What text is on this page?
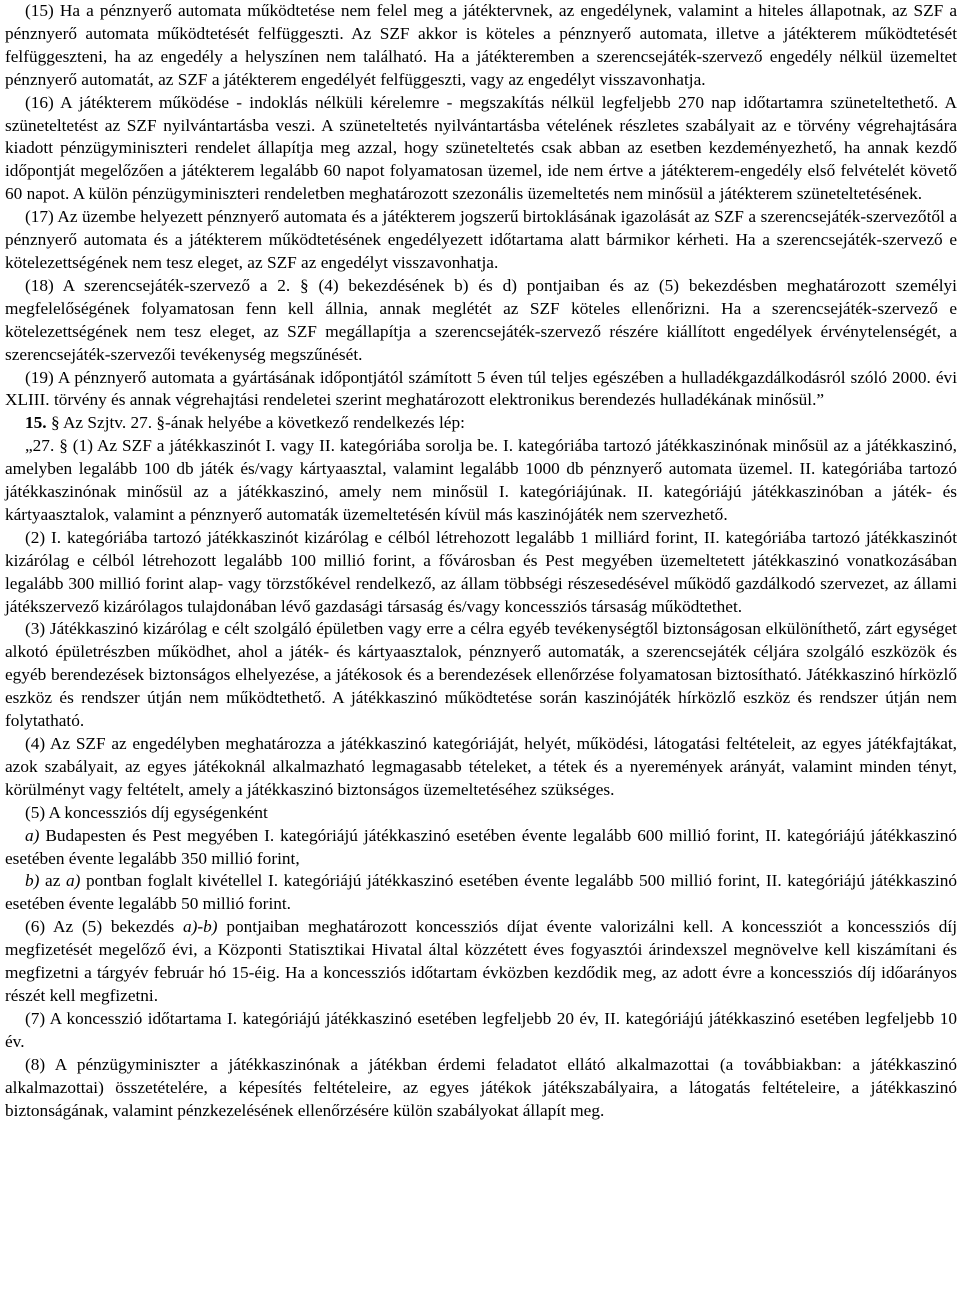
(15) Ha a pénznyerő automata működtetése nem felel meg a játéktervnek, az engedélynek, valamint a hiteles állapotnak, az SZF a pénznyerő automata működtetését felfüggeszti. Az SZF akkor is köteles a pénznyerő automata, illetve a játékterem működtetését felfüggeszteni, ha az engedély a helyszínen nem található. Ha a játékteremben a szerencsejáték-szervező engedély nélkül üzemeltet pénznyerő automatát, az SZF a játékterem engedélyét felfüggeszti, vagy az engedélyt visszavonhatja.

(16) A játékterem működése - indoklás nélküli kérelemre - megszakítás nélkül legfeljebb 270 nap időtartamra szüneteltethető. A szüneteltetést az SZF nyilvántartásba veszi. A szüneteltetés nyilvántartásba vételének részletes szabályait az e törvény végrehajtására kiadott pénzügyminiszteri rendelet állapítja meg azzal, hogy szüneteltetés csak abban az esetben kezdeményezhető, ha annak kezdő időpontját megelőzően a játékterem legalább 60 napot folyamatosan üzemel, ide nem értve a játékterem-engedély első felvételét követő 60 napot. A külön pénzügyminiszteri rendeletben meghatározott szezonális üzemeltetés nem minősül a játékterem szüneteltetésének.

(17) Az üzembe helyezett pénznyerő automata és a játékterem jogszerű birtoklásának igazolását az SZF a szerencsejáték-szervezőtől a pénznyerő automata és a játékterem működtetésének engedélyezett időtartama alatt bármikor kérheti. Ha a szerencsejáték-szervező e kötelezettségének nem tesz eleget, az SZF az engedélyt visszavonhatja.

(18) A szerencsejáték-szervező a 2. § (4) bekezdésének b) és d) pontjaiban és az (5) bekezdésben meghatározott személyi megfelelőségének folyamatosan fenn kell állnia, annak meglétét az SZF köteles ellenőrizni. Ha a szerencsejáték-szervező e kötelezettségének nem tesz eleget, az SZF megállapítja a szerencsejáték-szervező részére kiállított engedélyek érvénytelenségét, a szerencsejáték-szervezői tevékenység megszűnését.

(19) A pénznyerő automata a gyártásának időpontjától számított 5 éven túl teljes egészében a hulladékgazdálkodásról szóló 2000. évi XLIII. törvény és annak végrehajtási rendeletei szerint meghatározott elektronikus berendezés hulladékának minősül.”

15. § Az Szjtv. 27. §-ának helyébe a következő rendelkezés lép:

„27. § (1) Az SZF a játékkaszinót I. vagy II. kategóriába sorolja be. I. kategóriába tartozó játékkaszinónak minősül az a játékkaszinó, amelyben legalább 100 db játék és/vagy kártyaasztal, valamint legalább 1000 db pénznyerő automata üzemel. II. kategóriába tartozó játékkaszinónak minősül az a játékkaszinó, amely nem minősül I. kategóriájúnak. II. kategóriájú játékkaszinóban a játék- és kártyaasztalok, valamint a pénznyerő automaták üzemeltetésén kívül más kaszinójáték nem szervezhető.

(2) I. kategóriába tartozó játékkaszinót kizárólag e célból létrehozott legalább 1 milliárd forint, II. kategóriába tartozó játékkaszinót kizárólag e célból létrehozott legalább 100 millió forint, a fővárosban és Pest megyében üzemeltetett játékkaszinó vonatkozásában legalább 300 millió forint alap- vagy törzstőkével rendelkező, az állam többségi részesedésével működő gazdálkodó szervezet, az állami játékszervező kizárólagos tulajdonában lévő gazdasági társaság és/vagy koncessziós társaság működtethet.

(3) Játékkaszinó kizárólag e célt szolgáló épületben vagy erre a célra egyéb tevékenységtől biztonságosan elkülöníthető, zárt egységet alkotó épületrészben működhet, ahol a játék- és kártyaasztalok, pénznyerő automaták, a szerencsejáték céljára szolgáló eszközök és egyéb berendezések biztonságos elhelyezése, a játékosok és a berendezések ellenőrzése folyamatosan biztosítható. Játékkaszinó hírközlő eszköz és rendszer útján nem működtethető. A játékkaszinó működtetése során kaszinójáték hírközlő eszköz és rendszer útján nem folytatható.

(4) Az SZF az engedélyben meghatározza a játékkaszinó kategóriáját, helyét, működési, látogatási feltételeit, az egyes játékfajtákat, azok szabályait, az egyes játékoknál alkalmazható legmagasabb tételeket, a tétek és a nyeremények arányát, valamint minden tényt, körülményt vagy feltételt, amely a játékkaszinó biztonságos üzemeltetéséhez szükséges.

(5) A koncessziós díj egységenként

a) Budapesten és Pest megyében I. kategóriájú játékkaszinó esetében évente legalább 600 millió forint, II. kategóriájú játékkaszinó esetében évente legalább 350 millió forint,

b) az a) pontban foglalt kivétellel I. kategóriájú játékkaszinó esetében évente legalább 500 millió forint, II. kategóriájú játékkaszinó esetében évente legalább 50 millió forint.

(6) Az (5) bekezdés a)-b) pontjaiban meghatározott koncessziós díjat évente valorizálni kell. A koncessziót a koncessziós díj megfizetését megelőző évi, a Központi Statisztikai Hivatal által közzétett éves fogyasztói árindexszel megnövelve kell kiszámítani és megfizetni a tárgyév február hó 15-éig. Ha a koncessziós időtartam évközben kezdődik meg, az adott évre a koncessziós díj időarányos részét kell megfizetni.

(7) A koncesszió időtartama I. kategóriájú játékkaszinó esetében legfeljebb 20 év, II. kategóriájú játékkaszinó esetében legfeljebb 10 év.

(8) A pénzügyminiszter a játékkaszinónak a játékban érdemi feladatot ellátó alkalmazottai (a továbbiakban: a játékkaszinó alkalmazottai) összetételére, a képesítés feltételeire, az egyes játékok játékszabályaira, a látogatás feltételeire, a játékkaszinó biztonságának, valamint pénzkezelésének ellenőrzésére külön szabályokat állapít meg.
